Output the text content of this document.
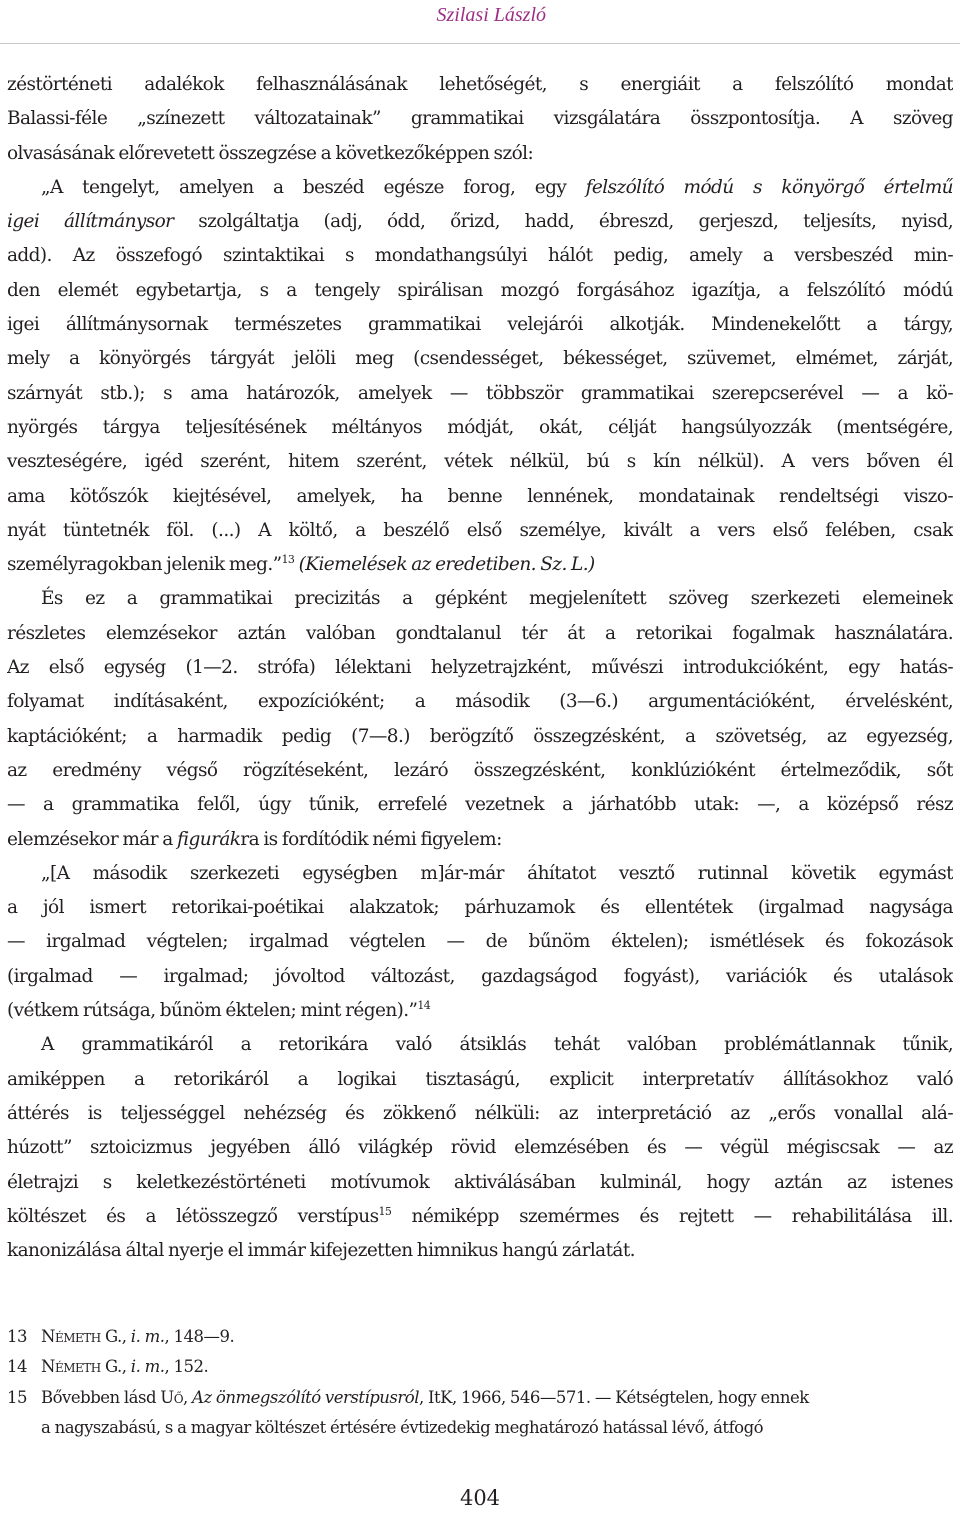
Szilasi László
zéstörténeti adalékok felhasználásának lehetőségét, s energiáit a felszólító mondat
Balassi-féle „színezett változatainak” grammatikai vizsgálatára összpontosítja. A szöveg
olvasásának előrevetett összegzése a következőképpen szól:
„A tengelyt, amelyen a beszéd egésze forog, egy felszólító módú s könyörgő értelmű
igei állítmánysor szolgáltatja (adj, ódd, őrizd, hadd, ébreszd, gerjeszd, teljesíts, nyisd,
add). Az összefogó szintaktikai s mondathangsúlyi hálót pedig, amely a versbeszéd min-
den elemét egybetartja, s a tengely spirálisan mozgó forgásához igazítja, a felszólító módú
igei állítmánysornak természetes grammatikai velejárói alkotják. Mindenekelőtt a tárgy,
mely a könyörgés tárgyát jelöli meg (csendességet, békességet, szüvemet, elmémet, zárját,
szárnyát stb.); s ama határozók, amelyek — többször grammatikai szerepcserével — a kö-
nyörgés tárgya teljesítésének méltányos módját, okát, célját hangsúlyozzák (mentségére,
veszteségére, igéd szerént, hitem szerént, vétek nélkül, bú s kín nélkül). A vers bőven él
ama kötőszók kiejtésével, amelyek, ha benne lennének, mondatainak rendeltségi viszo-
nyát tüntetnék föl. (...) A költő, a beszélő első személye, kivált a vers első felében, csak
személyragokban jelenik meg.”$^{13}$ (Kiemelések az eredetiben. Sz. L.)
És ez a grammatikai precizitás a gépként megjelenített szöveg szerkezeti elemeinek
részletes elemzésekor aztán valóban gondtalanul tér át a retorikai fogalmak használatára.
Az első egység (1—2. strófa) lélektani helyzetrajzként, művészi introdukcióként, egy hatás-
folyamat indításaként, expozícióként; a második (3—6.) argumentációként, érvelésként,
kaptációként; a harmadik pedig (7—8.) berögzítő összegzésként, a szövetség, az egyezség,
az eredmény végső rögzítéseként, lezáró összegzésként, konklúzióként értelmeződik, sőt
— a grammatika felől, úgy tűnik, errefelé vezetnek a járhatóbb utak: —, a középső rész
elemzésekor már a figurákra is fordítódik némi figyelem:
„[A második szerkezeti egységben m]ár-már áhítatot vesztő rutinnal követik egymást
a jól ismert retorikai-poétikai alakzatok; párhuzamok és ellentétek (irgalmad nagysága
— irgalmad végtelen; irgalmad végtelen — de bűnöm éktelen); ismétlések és fokozások
(irgalmad — irgalmad; jóvoltod változást, gazdagságod fogyást), variációk és utalások
(vétkem rútsága, bűnöm éktelen; mint régen).”$^{14}$
A grammatikáról a retorikára való átsiklás tehát valóban problémátlannak tűnik,
amiképpen a retorikáról a logikai tisztaságú, explicit interpretatív állításokhoz való
áttérés is teljességgel nehézség és zökkenő nélküli: az interpretáció az „erős vonallal alá-
húzott” sztoicizmus jegyében álló világkép rövid elemzésében és — végül mégiscsak — az
életrajzi s keletkezéstörténeti motívumok aktiválásában kulminál, hogy aztán az istenes
költészet és a létösszegző verstípus$^{15}$ némiképp szemérmes és rejtett — rehabilitálása ill.
kanonizálása által nyerje el immár kifejezetten himnikus hangú zárlatát.
13 Németh G., i. m., 148—9.
14 Németh G., i. m., 152.
15 Bővebben lásd Uő, Az önmegszólító verstípusról, ItK, 1966, 546—571. — Kétségtelen, hogy ennek
a nagyszabású, s a magyar költészet értésére évtizedekig meghatározó hatással lévő, átfogó
404
